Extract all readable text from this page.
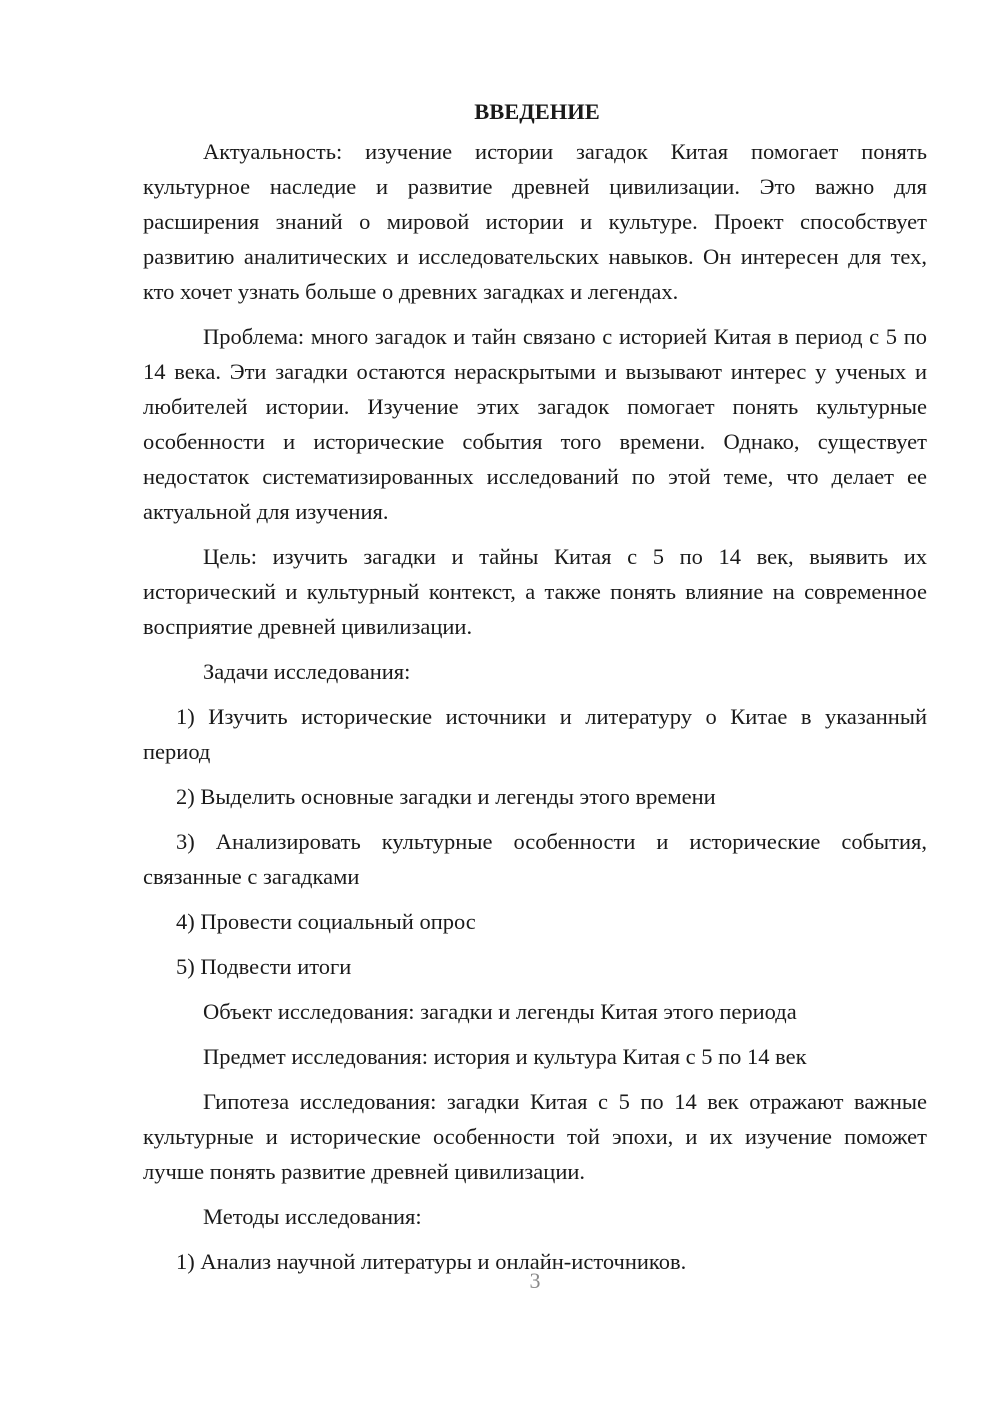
ВВЕДЕНИЕ

Актуальность: изучение истории загадок Китая помогает понять культурное наследие и развитие древней цивилизации. Это важно для расширения знаний о мировой истории и культуре. Проект способствует развитию аналитических и исследовательских навыков. Он интересен для тех, кто хочет узнать больше о древних загадках и легендах.

Проблема: много загадок и тайн связано с историей Китая в период с 5 по 14 века. Эти загадки остаются нераскрытыми и вызывают интерес у ученых и любителей истории. Изучение этих загадок помогает понять культурные особенности и исторические события того времени. Однако, существует недостаток систематизированных исследований по этой теме, что делает ее актуальной для изучения.

Цель: изучить загадки и тайны Китая с 5 по 14 век, выявить их исторический и культурный контекст, а также понять влияние на современное восприятие древней цивилизации.

Задачи исследования:

1) Изучить исторические источники и литературу о Китае в указанный период

2) Выделить основные загадки и легенды этого времени

3) Анализировать культурные особенности и исторические события, связанные с загадками

4) Провести социальный опрос

5) Подвести итоги

Объект исследования: загадки и легенды Китая этого периода

Предмет исследования: история и культура Китая с 5 по 14 век

Гипотеза исследования: загадки Китая с 5 по 14 век отражают важные культурные и исторические особенности той эпохи, и их изучение поможет лучше понять развитие древней цивилизации.

Методы исследования:

1) Анализ научной литературы и онлайн-источников.

3
